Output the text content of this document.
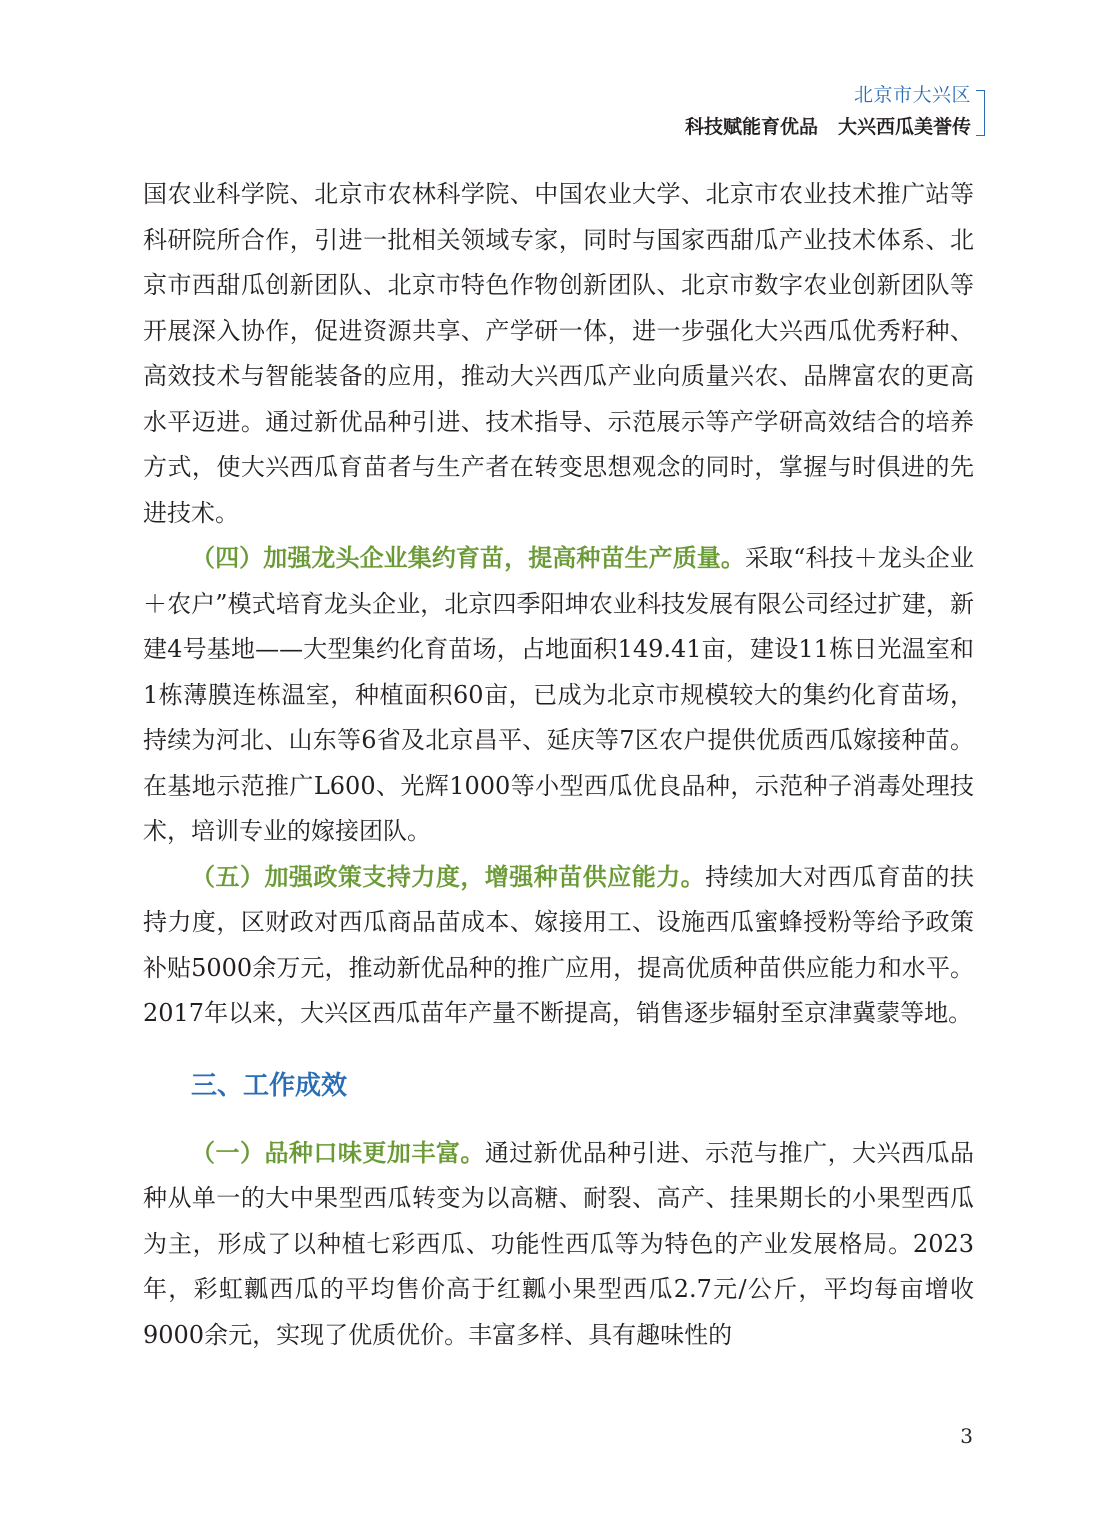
北京市大兴区
科技赋能育优品 大兴西瓜美誉传

国农业科学院、北京市农林科学院、中国农业大学、北京市农业技术推广站等科研院所合作，引进一批相关领域专家，同时与国家西甜瓜产业技术体系、北京市西甜瓜创新团队、北京市特色作物创新团队、北京市数字农业创新团队等开展深入协作，促进资源共享、产学研一体，进一步强化大兴西瓜优秀籽种、高效技术与智能装备的应用，推动大兴西瓜产业向质量兴农、品牌富农的更高水平迈进。通过新优品种引进、技术指导、示范展示等产学研高效结合的培养方式，使大兴西瓜育苗者与生产者在转变思想观念的同时，掌握与时俱进的先进技术。

（四）加强龙头企业集约育苗，提高种苗生产质量。采取“科技＋龙头企业＋农户”模式培育龙头企业，北京四季阳坤农业科技发展有限公司经过扩建，新建4号基地——大型集约化育苗场，占地面积149.41亩，建设11栋日光温室和1栋薄膜连栋温室，种植面积60亩，已成为北京市规模较大的集约化育苗场，持续为河北、山东等6省及北京昌平、延庆等7区农户提供优质西瓜嫁接种苗。在基地示范推广L600、光辉1000等小型西瓜优良品种，示范种子消毒处理技术，培训专业的嫁接团队。

（五）加强政策支持力度，增强种苗供应能力。持续加大对西瓜育苗的扶持力度，区财政对西瓜商品苗成本、嫁接用工、设施西瓜蜜蜂授粉等给予政策补贴5000余万元，推动新优品种的推广应用，提高优质种苗供应能力和水平。2017年以来，大兴区西瓜苗年产量不断提高，销售逐步辐射至京津冀蒙等地。

三、工作成效

（一）品种口味更加丰富。通过新优品种引进、示范与推广，大兴西瓜品种从单一的大中果型西瓜转变为以高糖、耐裂、高产、挂果期长的小果型西瓜为主，形成了以种植七彩西瓜、功能性西瓜等为特色的产业发展格局。2023年，彩虹瓤西瓜的平均售价高于红瓤小果型西瓜2.7元/公斤，平均每亩增收9000余元，实现了优质优价。丰富多样、具有趣味性的

3
